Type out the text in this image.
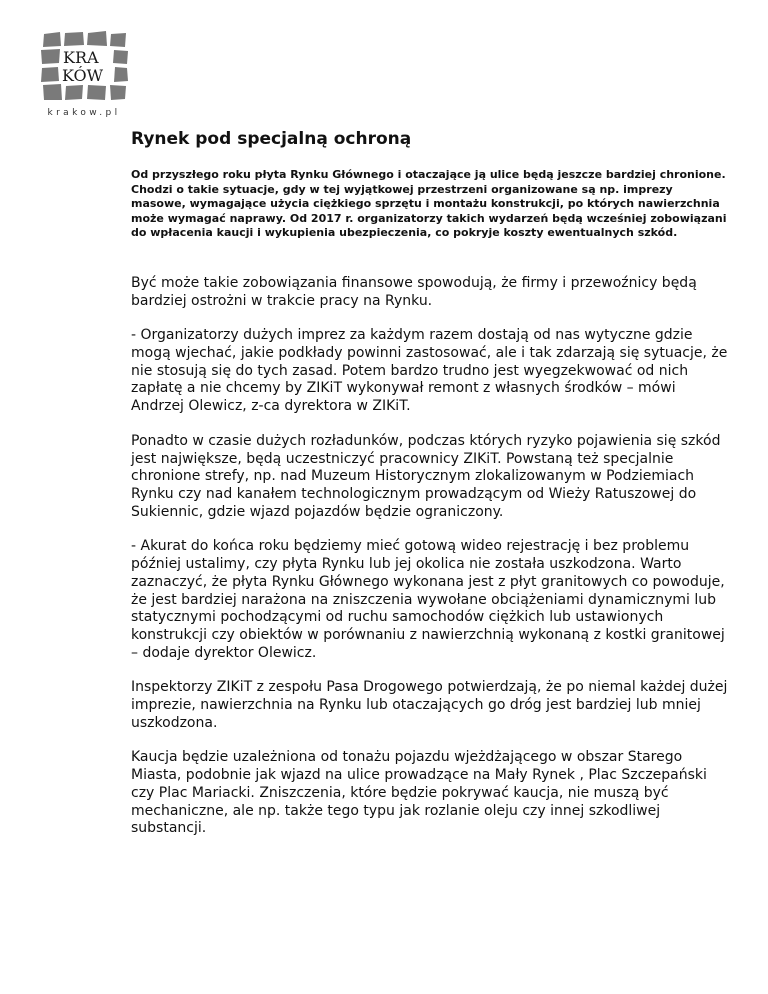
KRA
KÓW
krakow.pl
Rynek pod specjalną ochroną

Od przyszłego roku płyta Rynku Głównego i otaczające ją ulice będą jeszcze bardziej chronione. Chodzi o takie sytuacje, gdy w tej wyjątkowej przestrzeni organizowane są np. imprezy masowe, wymagające użycia ciężkiego sprzętu i montażu konstrukcji, po których nawierzchnia może wymagać naprawy. Od 2017 r. organizatorzy takich wydarzeń będą wcześniej zobowiązani do wpłacenia kaucji i wykupienia ubezpieczenia, co pokryje koszty ewentualnych szkód.

Być może takie zobowiązania finansowe spowodują, że firmy i przewoźnicy będą bardziej ostrożni w trakcie pracy na Rynku.

- Organizatorzy dużych imprez za każdym razem dostają od nas wytyczne gdzie mogą wjechać, jakie podkłady powinni zastosować, ale i tak zdarzają się sytuacje, że nie stosują się do tych zasad. Potem bardzo trudno jest wyegzekwować od nich zapłatę a nie chcemy by ZIKiT wykonywał remont z własnych środków – mówi Andrzej Olewicz, z-ca dyrektora w ZIKiT.

Ponadto w czasie dużych rozładunków, podczas których ryzyko pojawienia się szkód jest największe, będą uczestniczyć pracownicy ZIKiT. Powstaną też specjalnie chronione strefy, np. nad Muzeum Historycznym zlokalizowanym w Podziemiach Rynku czy nad kanałem technologicznym prowadzącym od Wieży Ratuszowej do Sukiennic, gdzie wjazd pojazdów będzie ograniczony.

- Akurat do końca roku będziemy mieć gotową wideo rejestrację i bez problemu później ustalimy, czy płyta Rynku lub jej okolica nie została uszkodzona. Warto zaznaczyć, że płyta Rynku Głównego wykonana jest z płyt granitowych co powoduje, że jest bardziej narażona na zniszczenia wywołane obciążeniami dynamicznymi lub statycznymi pochodzącymi od ruchu samochodów ciężkich lub ustawionych konstrukcji czy obiektów w porównaniu z nawierzchnią wykonaną z kostki granitowej – dodaje dyrektor Olewicz.

Inspektorzy ZIKiT z zespołu Pasa Drogowego potwierdzają, że po niemal każdej dużej imprezie, nawierzchnia na Rynku lub otaczających go dróg jest bardziej lub mniej uszkodzona.

Kaucja będzie uzależniona od tonażu pojazdu wjeżdżającego w obszar Starego Miasta, podobnie jak wjazd na ulice prowadzące na Mały Rynek , Plac Szczepański czy Plac Mariacki. Zniszczenia, które będzie pokrywać kaucja, nie muszą być mechaniczne, ale np. także tego typu jak rozlanie oleju czy innej szkodliwej substancji.
